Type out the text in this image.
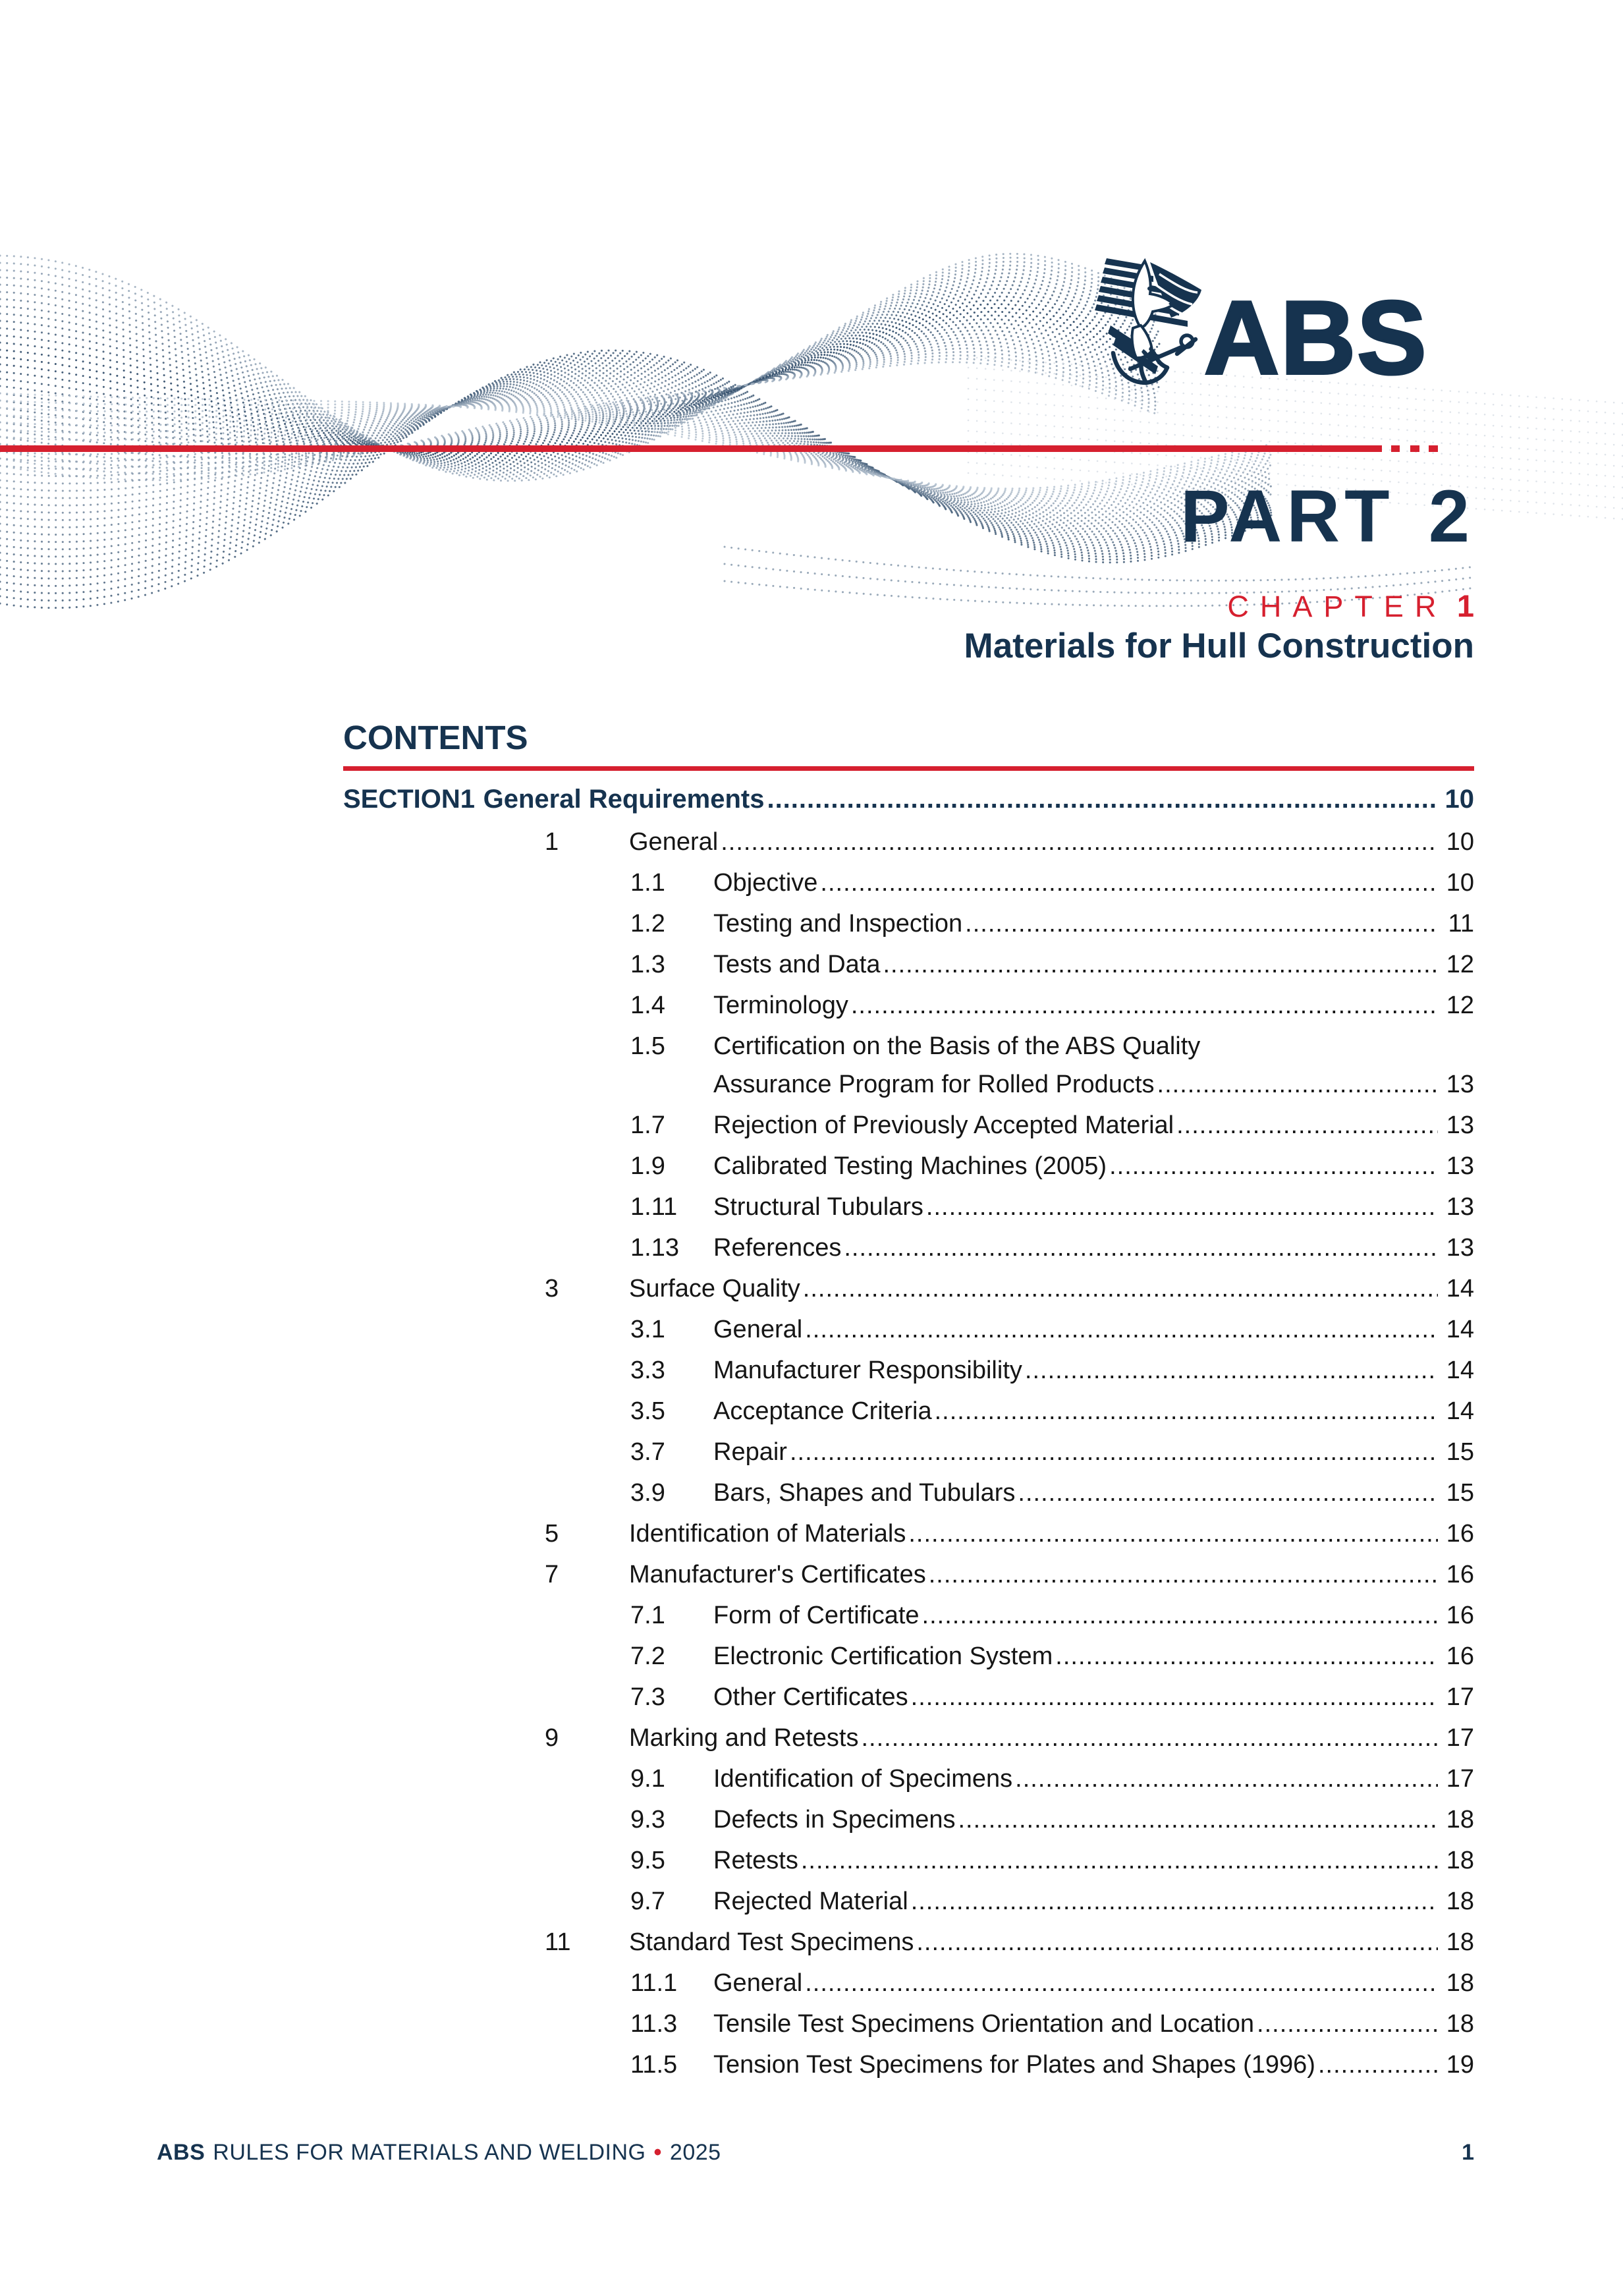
ABS
PART 2
CHAPTER 1
Materials for Hull Construction
CONTENTS
SECTION 1 General Requirements .....	10
1	General .....	10
1.1	Objective .....	10
1.2	Testing and Inspection .....	11
1.3	Tests and Data .....	12
1.4	Terminology .....	12
1.5	Certification on the Basis of the ABS Quality
Assurance Program for Rolled Products .....	13
1.7	Rejection of Previously Accepted Material .....	13
1.9	Calibrated Testing Machines (2005) .....	13
1.11	Structural Tubulars .....	13
1.13	References .....	13
3	Surface Quality .....	14
3.1	General .....	14
3.3	Manufacturer Responsibility .....	14
3.5	Acceptance Criteria .....	14
3.7	Repair .....	15
3.9	Bars, Shapes and Tubulars .....	15
5	Identification of Materials .....	16
7	Manufacturer's Certificates .....	16
7.1	Form of Certificate .....	16
7.2	Electronic Certification System .....	16
7.3	Other Certificates .....	17
9	Marking and Retests .....	17
9.1	Identification of Specimens .....	17
9.3	Defects in Specimens .....	18
9.5	Retests .....	18
9.7	Rejected Material .....	18
11	Standard Test Specimens .....	18
11.1	General .....	18
11.3	Tensile Test Specimens Orientation and Location .....	18
11.5	Tension Test Specimens for Plates and Shapes (1996) .....	19
ABS RULES FOR MATERIALS AND WELDING • 2025	1
